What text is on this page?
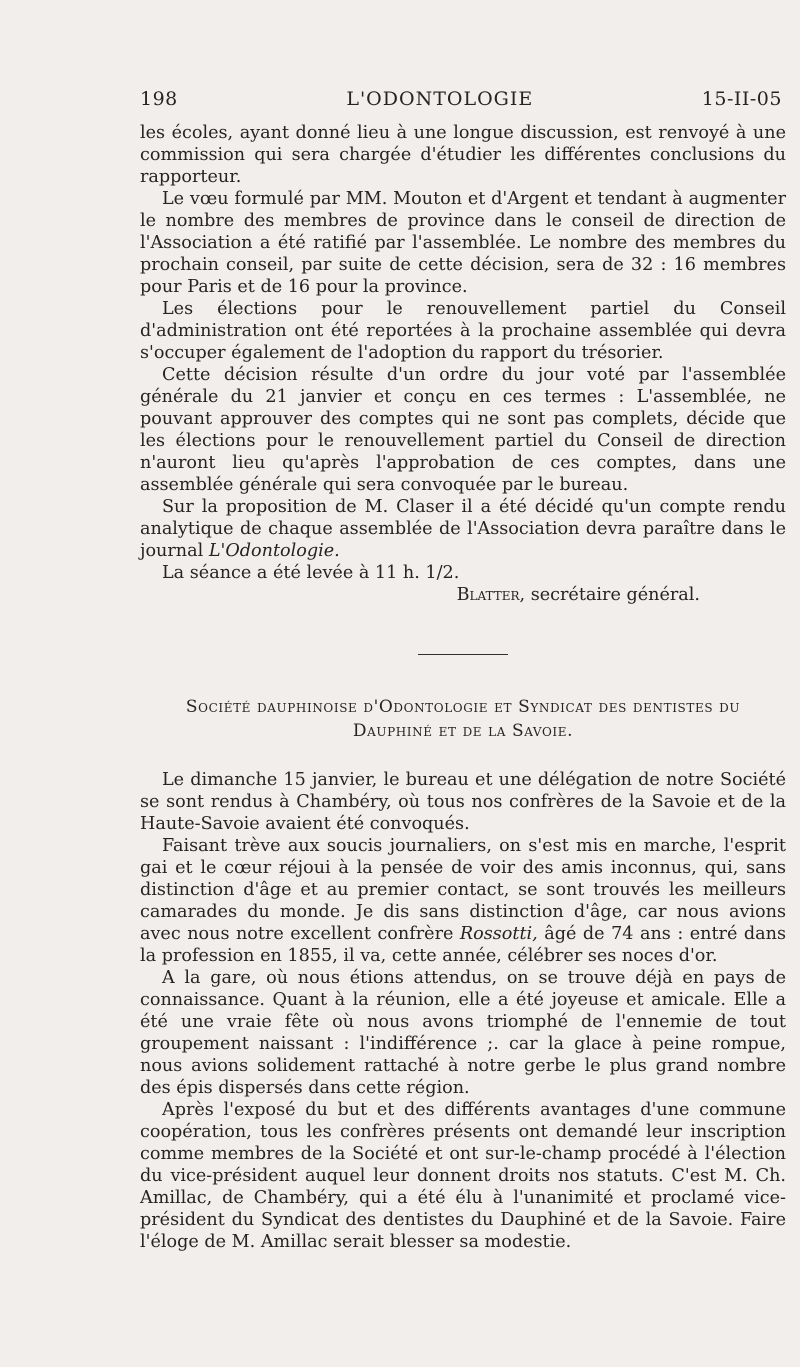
198	L'ODONTOLOGIE	15-II-05

les écoles, ayant donné lieu à une longue discussion, est renvoyé à une commission qui sera chargée d'étudier les différentes conclusions du rapporteur.

Le vœu formulé par MM. Mouton et d'Argent et tendant à augmenter le nombre des membres de province dans le conseil de direction de l'Association a été ratifié par l'assemblée. Le nombre des membres du prochain conseil, par suite de cette décision, sera de 32 : 16 membres pour Paris et de 16 pour la province.

Les élections pour le renouvellement partiel du Conseil d'administration ont été reportées à la prochaine assemblée qui devra s'occuper également de l'adoption du rapport du trésorier.

Cette décision résulte d'un ordre du jour voté par l'assemblée générale du 21 janvier et conçu en ces termes : L'assemblée, ne pouvant approuver des comptes qui ne sont pas complets, décide que les élections pour le renouvellement partiel du Conseil de direction n'auront lieu qu'après l'approbation de ces comptes, dans une assemblée générale qui sera convoquée par le bureau.

Sur la proposition de M. Claser il a été décidé qu'un compte rendu analytique de chaque assemblée de l'Association devra paraître dans le journal L'Odontologie.

La séance a été levée à 11 h. 1/2.

Blatter, secrétaire général.

Société dauphinoise d'Odontologie et Syndicat des dentistes du
Dauphiné et de la Savoie.

Le dimanche 15 janvier, le bureau et une délégation de notre Société se sont rendus à Chambéry, où tous nos confrères de la Savoie et de la Haute-Savoie avaient été convoqués.

Faisant trève aux soucis journaliers, on s'est mis en marche, l'esprit gai et le cœur réjoui à la pensée de voir des amis inconnus, qui, sans distinction d'âge et au premier contact, se sont trouvés les meilleurs camarades du monde. Je dis sans distinction d'âge, car nous avions avec nous notre excellent confrère Rossotti, âgé de 74 ans : entré dans la profession en 1855, il va, cette année, célébrer ses noces d'or.

A la gare, où nous étions attendus, on se trouve déjà en pays de connaissance. Quant à la réunion, elle a été joyeuse et amicale. Elle a été une vraie fête où nous avons triomphé de l'ennemie de tout groupement naissant : l'indifférence ;. car la glace à peine rompue, nous avions solidement rattaché à notre gerbe le plus grand nombre des épis dispersés dans cette région.

Après l'exposé du but et des différents avantages d'une commune coopération, tous les confrères présents ont demandé leur inscription comme membres de la Société et ont sur-le-champ procédé à l'élection du vice-président auquel leur donnent droits nos statuts. C'est M. Ch. Amillac, de Chambéry, qui a été élu à l'unanimité et proclamé vice-président du Syndicat des dentistes du Dauphiné et de la Savoie. Faire l'éloge de M. Amillac serait blesser sa modestie.
